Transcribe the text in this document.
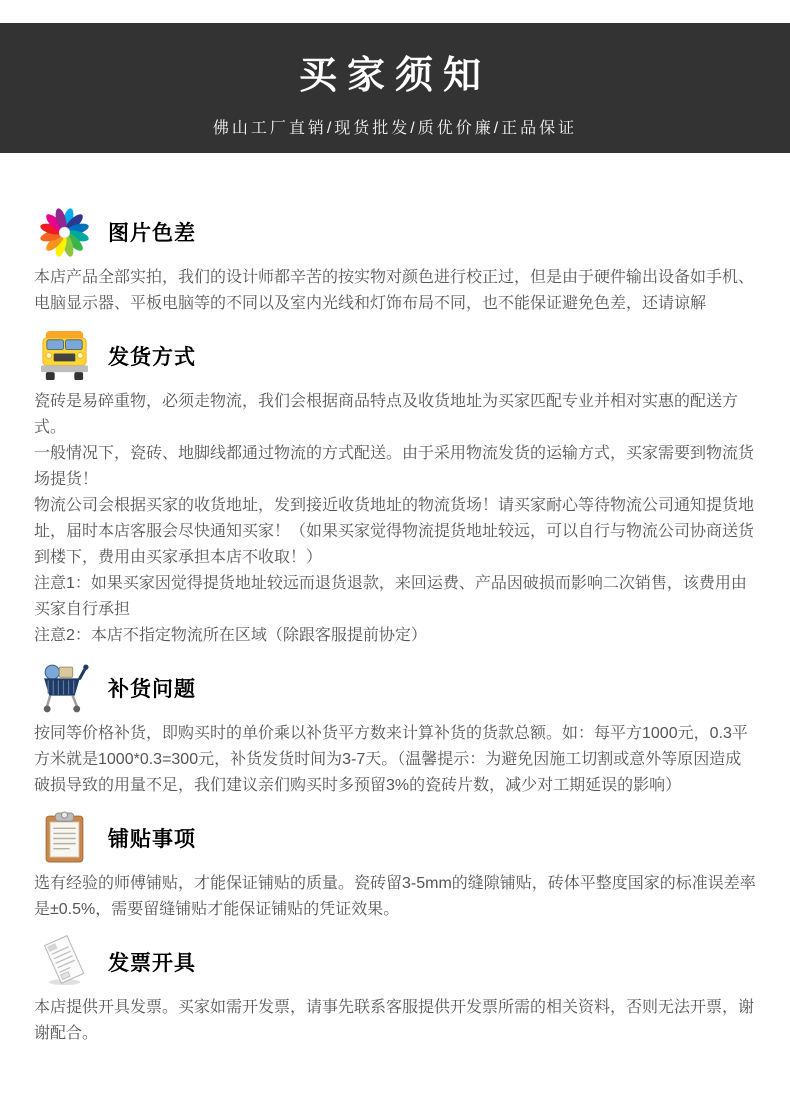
买家须知
佛山工厂直销/现货批发/质优价廉/正品保证
图片色差

本店产品全部实拍，我们的设计师都辛苦的按实物对颜色进行校正过，但是由于硬件输出设备如手机、电脑显示器、平板电脑等的不同以及室内光线和灯饰布局不同，也不能保证避免色差，还请谅解

发货方式

瓷砖是易碎重物，必须走物流，我们会根据商品特点及收货地址为买家匹配专业并相对实惠的配送方式。

一般情况下，瓷砖、地脚线都通过物流的方式配送。由于采用物流发货的运输方式，买家需要到物流货场提货！

物流公司会根据买家的收货地址，发到接近收货地址的物流货场！请买家耐心等待物流公司通知提货地址，届时本店客服会尽快通知买家！（如果买家觉得物流提货地址较远，可以自行与物流公司协商送货到楼下，费用由买家承担本店不收取！）

注意1：如果买家因觉得提货地址较远而退货退款，来回运费、产品因破损而影响二次销售，该费用由买家自行承担

注意2：本店不指定物流所在区域（除跟客服提前协定）

补货问题

按同等价格补货，即购买时的单价乘以补货平方数来计算补货的货款总额。如：每平方1000元，0.3平方米就是1000*0.3=300元，补货发货时间为3-7天。（温馨提示：为避免因施工切割或意外等原因造成破损导致的用量不足，我们建议亲们购买时多预留3%的瓷砖片数，减少对工期延误的影响）

铺贴事项

选有经验的师傅铺贴，才能保证铺贴的质量。瓷砖留3-5mm的缝隙铺贴，砖体平整度国家的标准误差率是±0.5%，需要留缝铺贴才能保证铺贴的凭证效果。

发票开具

本店提供开具发票。买家如需开发票，请事先联系客服提供开发票所需的相关资料，否则无法开票，谢谢配合。
